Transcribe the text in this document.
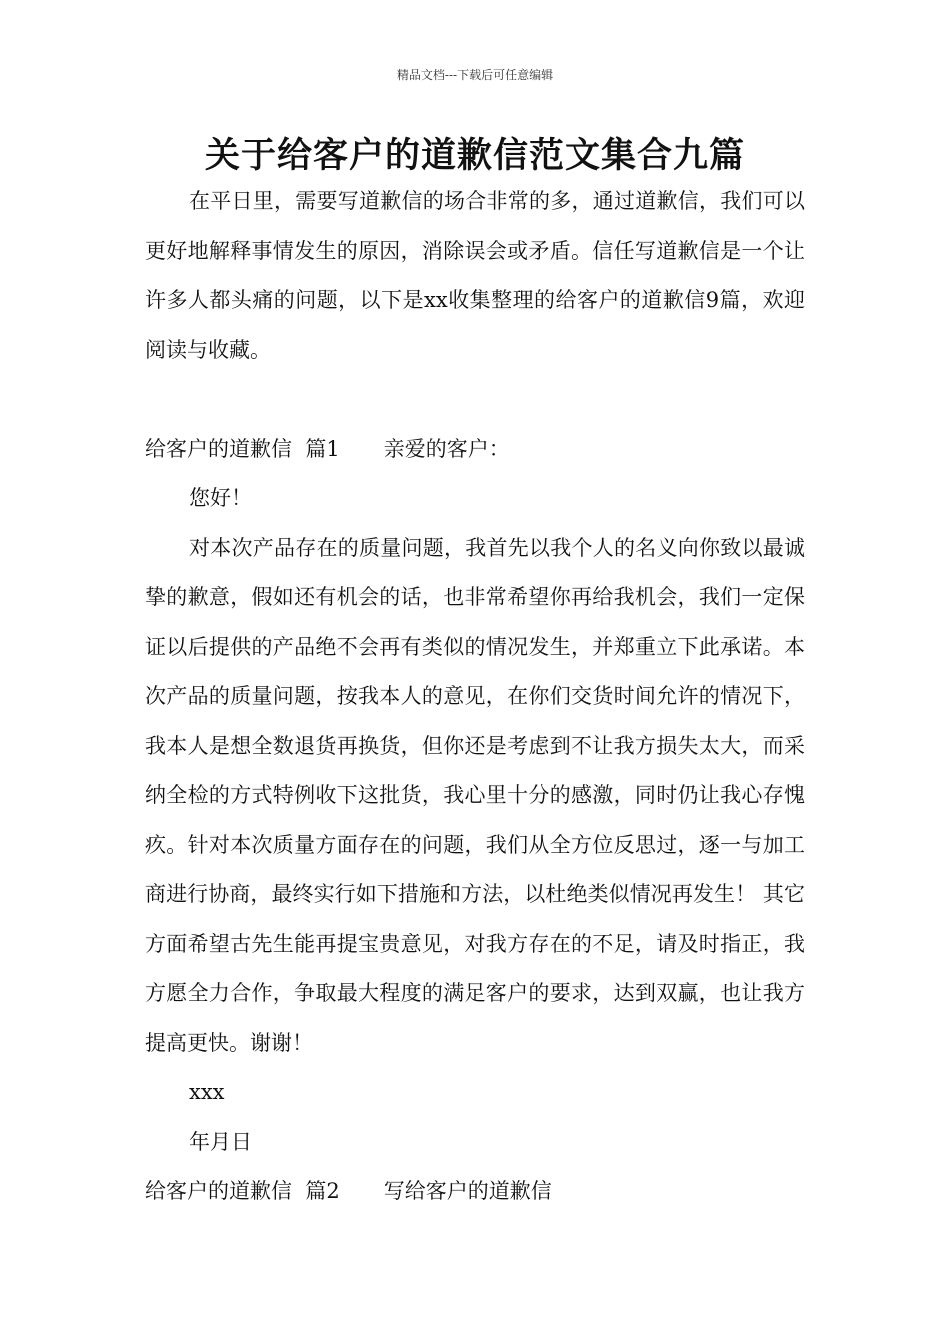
精品文档---下载后可任意编辑
关于给客户的道歉信范文集合九篇

在平日里，需要写道歉信的场合非常的多，通过道歉信，我们可以更好地解释事情发生的原因，消除误会或矛盾。信任写道歉信是一个让许多人都头痛的问题，以下是xx收集整理的给客户的道歉信9篇，欢迎阅读与收藏。

给客户的道歉信  篇1 亲爱的客户：

您好！

对本次产品存在的质量问题，我首先以我个人的名义向你致以最诚挚的歉意，假如还有机会的话，也非常希望你再给我机会，我们一定保证以后提供的产品绝不会再有类似的情况发生，并郑重立下此承诺。本次产品的质量问题，按我本人的意见，在你们交货时间允许的情况下，我本人是想全数退货再换货，但你还是考虑到不让我方损失太大，而采纳全检的方式特例收下这批货，我心里十分的感激，同时仍让我心存愧疚。针对本次质量方面存在的问题，我们从全方位反思过，逐一与加工商进行协商，最终实行如下措施和方法，以杜绝类似情况再发生！ 其它方面希望古先生能再提宝贵意见，对我方存在的不足，请及时指正，我方愿全力合作，争取最大程度的满足客户的要求，达到双赢，也让我方提高更快。谢谢！

xxx

年月日

给客户的道歉信  篇2 写给客户的道歉信
